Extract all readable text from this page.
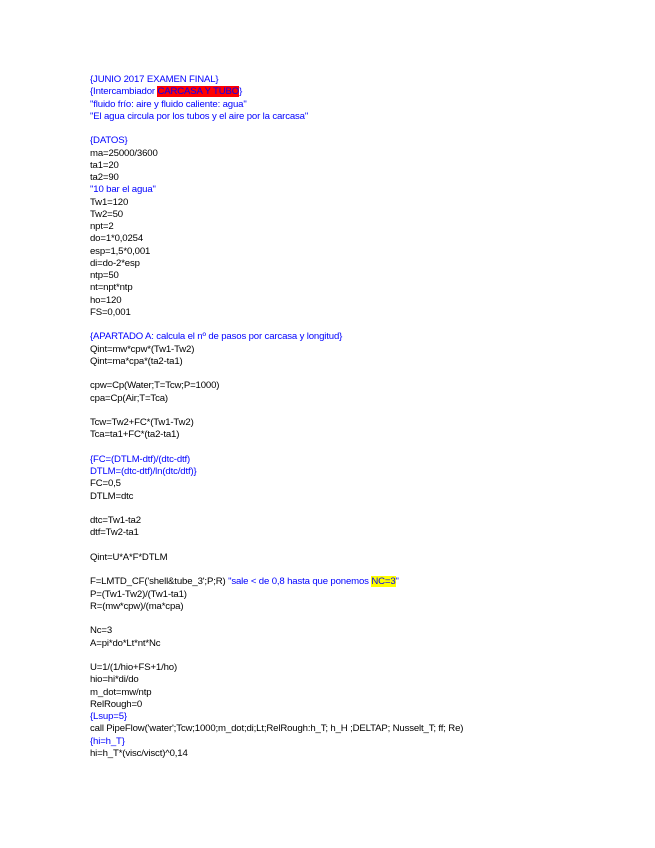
{JUNIO 2017 EXAMEN FINAL}
{Intercambiador CARCASA Y TUBO}
"fluido frío: aire y fluido caliente: agua"
"El agua circula por los tubos y el aire por la carcasa"
{DATOS}
ma=25000/3600
ta1=20
ta2=90
"10 bar el agua"
Tw1=120
Tw2=50
npt=2
do=1*0,0254
esp=1,5*0,001
di=do-2*esp
ntp=50
nt=npt*ntp
ho=120
FS=0,001
{APARTADO A: calcula el nº de pasos por carcasa y longitud}
Qint=mw*cpw*(Tw1-Tw2)
Qint=ma*cpa*(ta2-ta1)
cpw=Cp(Water;T=Tcw;P=1000)
cpa=Cp(Air;T=Tca)
Tcw=Tw2+FC*(Tw1-Tw2)
Tca=ta1+FC*(ta2-ta1)
{FC=(DTLM-dtf)/(dtc-dtf)
DTLM=(dtc-dtf)/ln(dtc/dtf)}
FC=0,5
DTLM=dtc
dtc=Tw1-ta2
dtf=Tw2-ta1
Qint=U*A*F*DTLM
F=LMTD_CF('shell&tube_3';P;R) "sale < de 0,8 hasta que ponemos NC=3"
P=(Tw1-Tw2)/(Tw1-ta1)
R=(mw*cpw)/(ma*cpa)
Nc=3
A=pi*do*Lt*nt*Nc
U=1/(1/hio+FS+1/ho)
hio=hi*di/do
m_dot=mw/ntp
RelRough=0
{Lsup=5}
call PipeFlow('water';Tcw;1000;m_dot;di;Lt;RelRough:h_T; h_H ;DELTAP; Nusselt_T; ff; Re)
{hi=h_T}
hi=h_T*(visc/visct)^0,14
